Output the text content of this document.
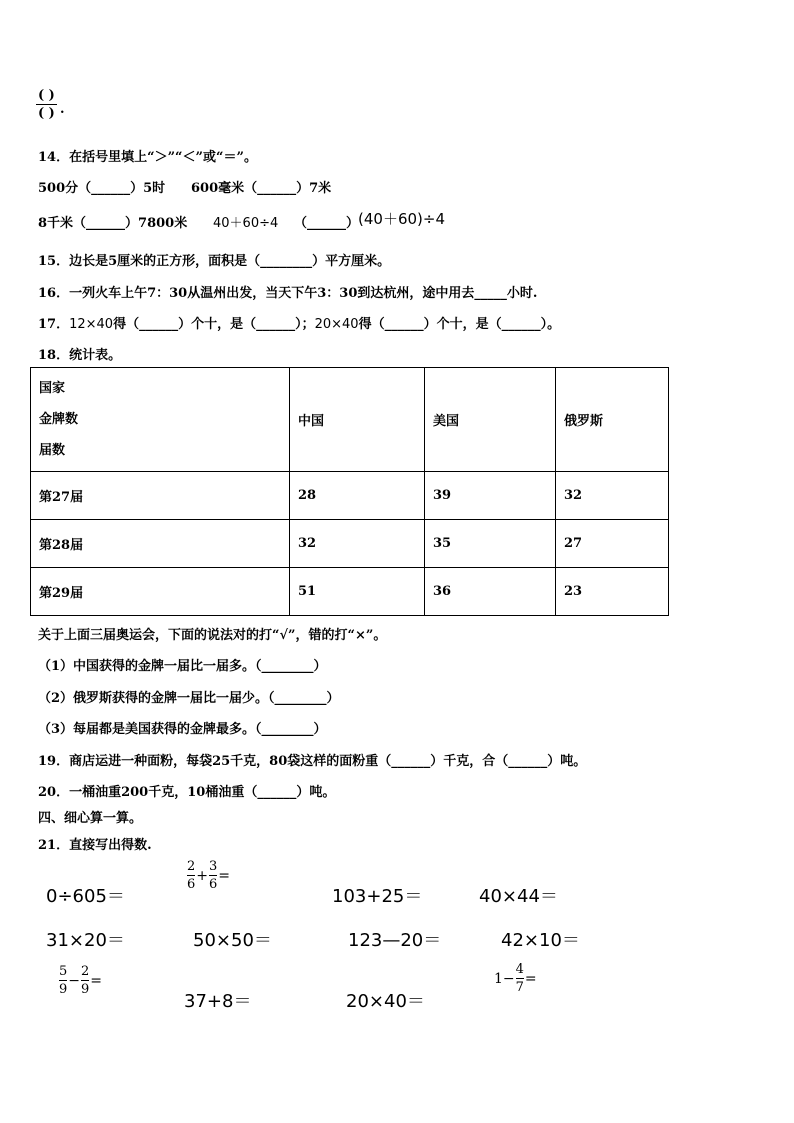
( )
( ) .
14．在括号里填上“＞”“＜”或“＝”。
500分（______）5时 600毫米（______）7米
8千米（______）7800米 40＋60÷4 （______）
(40＋60)÷4
15．边长是5厘米的正方形，面积是（________）平方厘米。
16．一列火车上午7：30从温州出发，当天下午3：30到达杭州，途中用去_____小时.
17．12×40得（______）个十，是（______）；20×40得（______）个十，是（______）。
18．统计表。
国家
金牌数
届数	中国	美国	俄罗斯
第27届	28	39	32
第28届	32	35	27
第29届	51	36	23
关于上面三届奥运会，下面的说法对的打“√”，错的打“×”。
（1）中国获得的金牌一届比一届多。（________）
（2）俄罗斯获得的金牌一届比一届少。（________）
（3）每届都是美国获得的金牌最多。（________）
19．商店运进一种面粉，每袋25千克，80袋这样的面粉重（______）千克，合（______）吨。
20．一桶油重200千克，10桶油重（______）吨。
四、细心算一算。
21．直接写出得数.
0÷605＝
2
6
+
3
6
=
103+25＝	40×44＝
31×20＝	50×50＝	123—20＝	42×10＝
5
9
−
2
9
=
37+8＝	20×40＝
1−
4
7
=
